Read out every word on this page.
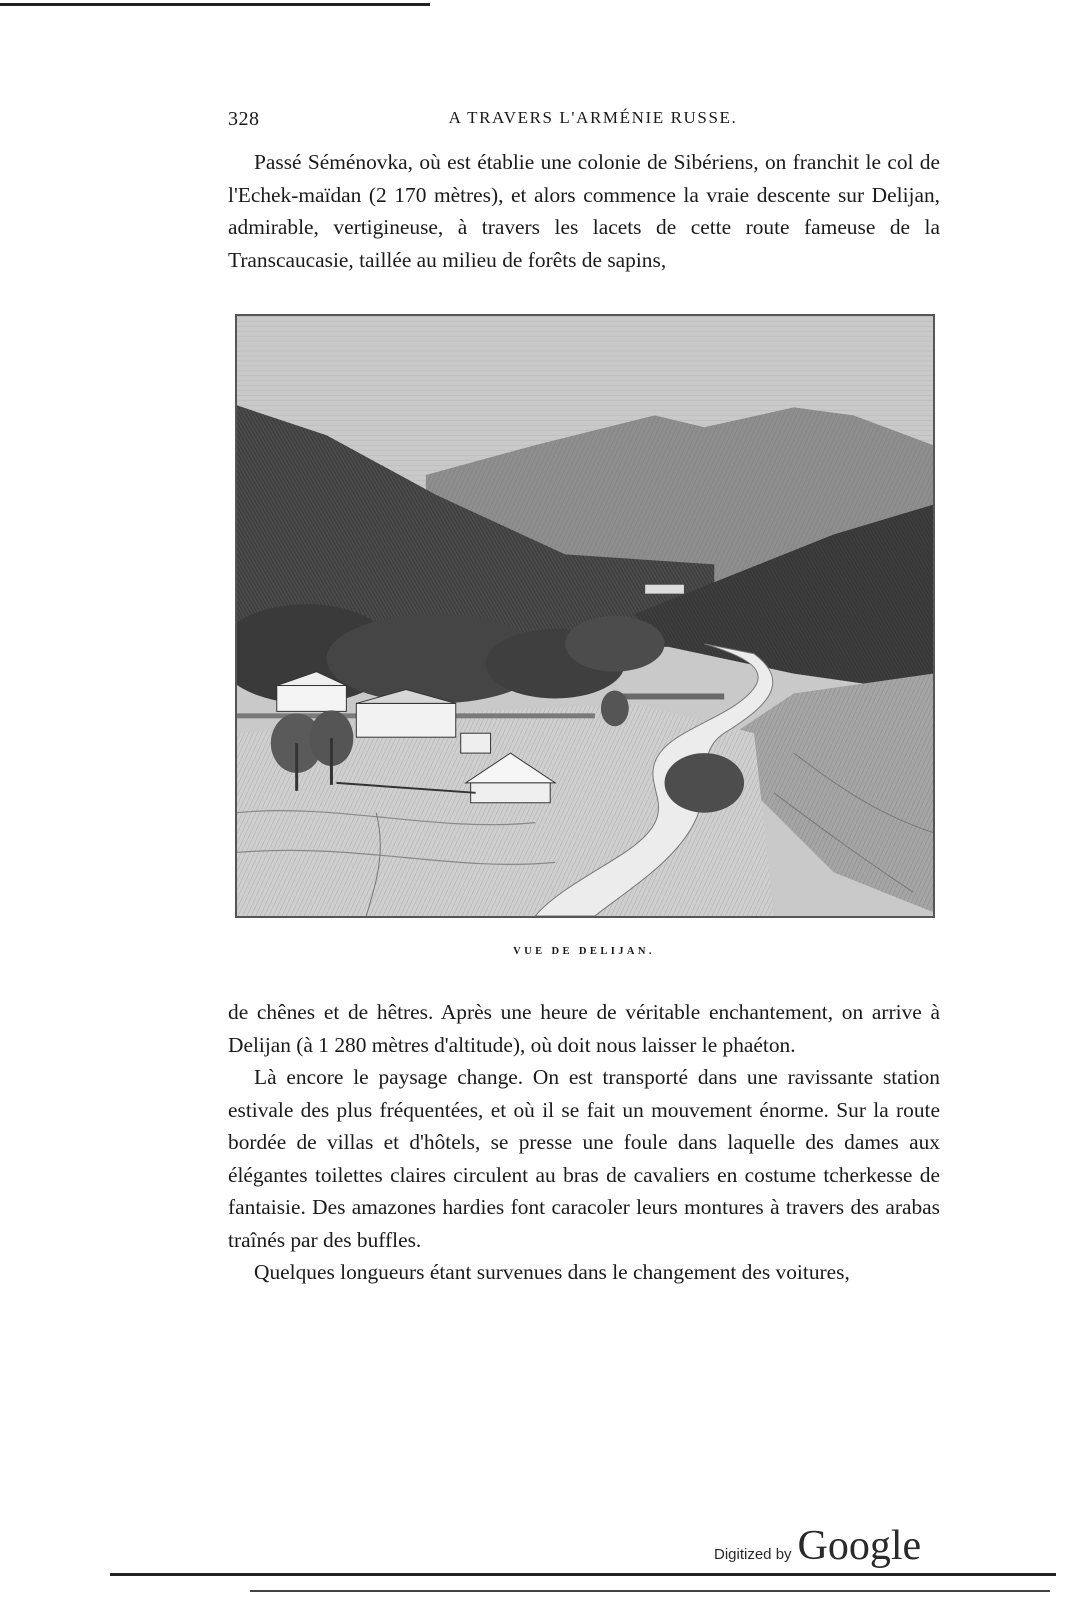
328	A TRAVERS L'ARMÉNIE RUSSE.

Passé Séménovka, où est établie une colonie de Sibériens, on franchit le col de l'Echek-maïdan (2 170 mètres), et alors commence la vraie descente sur Delijan, admirable, vertigineuse, à travers les lacets de cette route fameuse de la Transcaucasie, taillée au milieu de forêts de sapins,

VUE DE DELIJAN.

de chênes et de hêtres. Après une heure de véritable enchantement, on arrive à Delijan (à 1 280 mètres d'altitude), où doit nous laisser le phaéton.

Là encore le paysage change. On est transporté dans une ravissante station estivale des plus fréquentées, et où il se fait un mouvement énorme. Sur la route bordée de villas et d'hôtels, se presse une foule dans laquelle des dames aux élégantes toilettes claires circulent au bras de cavaliers en costume tcherkesse de fantaisie. Des amazones hardies font caracoler leurs montures à travers des arabas traînés par des buffles.

Quelques longueurs étant survenues dans le changement des voitures,

Digitized by Google
